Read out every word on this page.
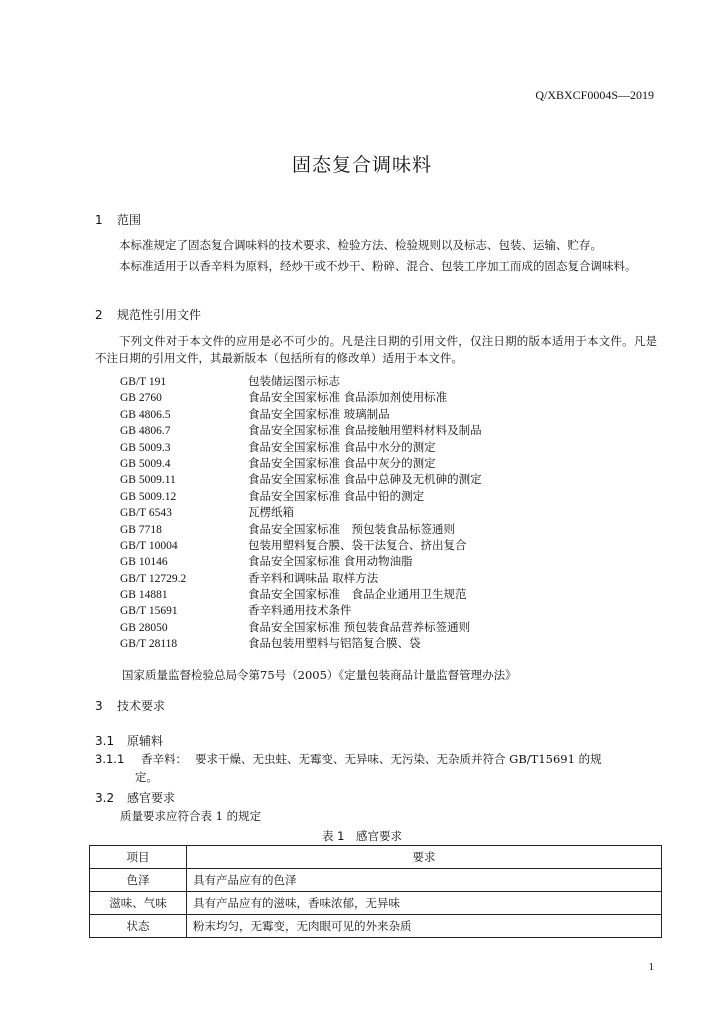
Q/XBXCF0004S—2019
固态复合调味料
1 范围
本标准规定了固态复合调味料的技术要求、检验方法、检验规则以及标志、包装、运输、贮存。
本标准适用于以香辛料为原料，经炒干或不炒干、粉碎、混合、包装工序加工而成的固态复合调味料。
2 规范性引用文件
下列文件对于本文件的应用是必不可少的。凡是注日期的引用文件，仅注日期的版本适用于本文件。凡是不注日期的引用文件，其最新版本（包括所有的修改单）适用于本文件。
GB/T 191	包装储运图示标志
GB 2760	食品安全国家标准 食品添加剂使用标准
GB 4806.5	食品安全国家标准 玻璃制品
GB 4806.7	食品安全国家标准 食品接触用塑料材料及制品
GB 5009.3	食品安全国家标准 食品中水分的测定
GB 5009.4	食品安全国家标准 食品中灰分的测定
GB 5009.11	食品安全国家标准 食品中总砷及无机砷的测定
GB 5009.12	食品安全国家标准 食品中铅的测定
GB/T 6543	瓦楞纸箱
GB 7718	食品安全国家标准　预包装食品标签通则
GB/T 10004	包装用塑料复合膜、袋干法复合、挤出复合
GB 10146	食品安全国家标准 食用动物油脂
GB/T 12729.2	香辛料和调味品 取样方法
GB 14881	食品安全国家标准　食品企业通用卫生规范
GB/T 15691	香辛料通用技术条件
GB 28050	食品安全国家标准 预包装食品营养标签通则
GB/T 28118	食品包装用塑料与铝箔复合膜、袋
国家质量监督检验总局令第75号（2005）《定量包装商品计量监督管理办法》
3 技术要求
3.1 原辅料
3.1.1 香辛料： 要求干燥、无虫蛀、无霉变、无异味、无污染、无杂质并符合 GB/T15691 的规
定。
3.2 感官要求
质量要求应符合表 1 的规定
表 1　感官要求
项目	要求
色泽	具有产品应有的色泽
滋味、气味	具有产品应有的滋味，香味浓郁，无异味
状态	粉末均匀，无霉变，无肉眼可见的外来杂质
1
